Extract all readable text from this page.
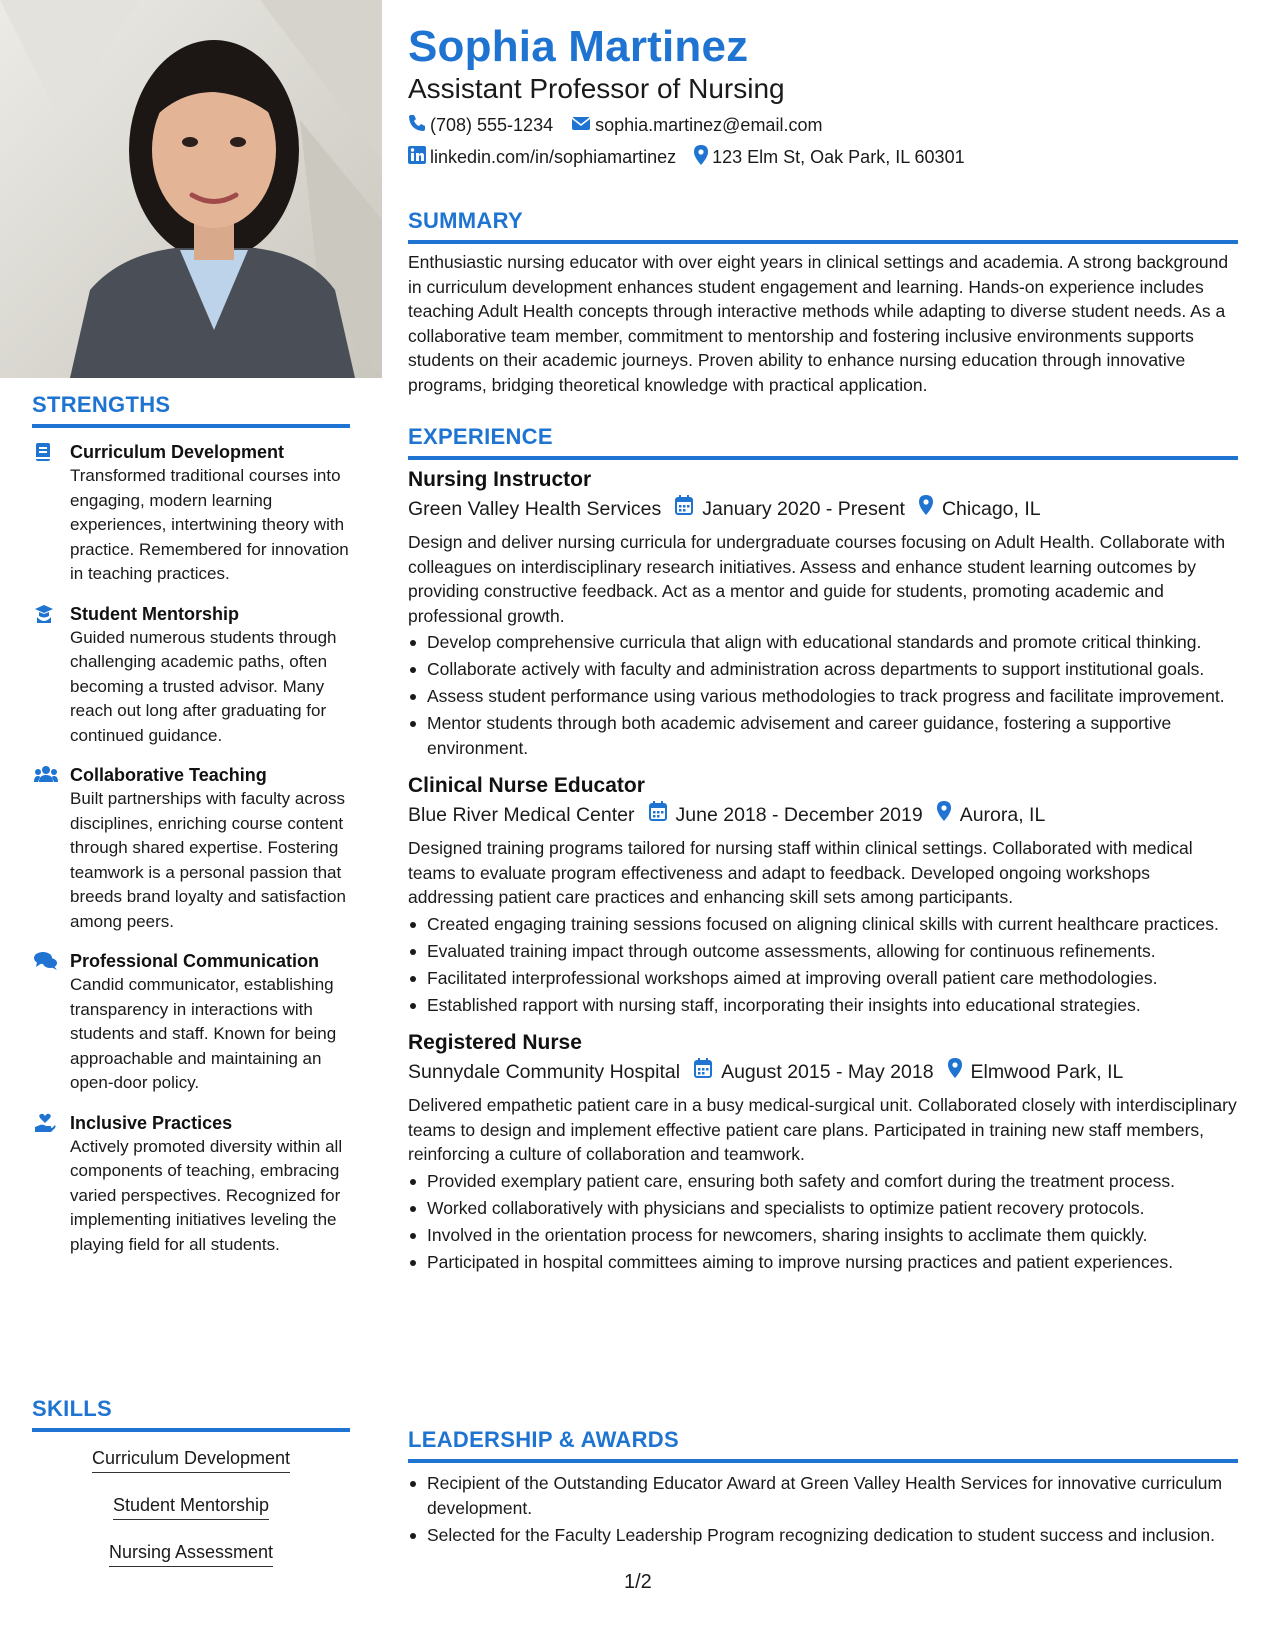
STRENGTHS
Curriculum Development
Transformed traditional courses into engaging, modern learning experiences, intertwining theory with practice. Remembered for innovation in teaching practices.
Student Mentorship
Guided numerous students through challenging academic paths, often becoming a trusted advisor. Many reach out long after graduating for continued guidance.
Collaborative Teaching
Built partnerships with faculty across disciplines, enriching course content through shared expertise. Fostering teamwork is a personal passion that breeds brand loyalty and satisfaction among peers.
Professional Communication
Candid communicator, establishing transparency in interactions with students and staff. Known for being approachable and maintaining an open-door policy.
Inclusive Practices
Actively promoted diversity within all components of teaching, embracing varied perspectives. Recognized for implementing initiatives leveling the playing field for all students.
SKILLS
Curriculum Development
Student Mentorship
Nursing Assessment
Sophia Martinez
Assistant Professor of Nursing
(708) 555-1234 sophia.martinez@email.com
linkedin.com/in/sophiamartinez 123 Elm St, Oak Park, IL 60301
SUMMARY
Enthusiastic nursing educator with over eight years in clinical settings and academia. A strong background in curriculum development enhances student engagement and learning. Hands-on experience includes teaching Adult Health concepts through interactive methods while adapting to diverse student needs. As a collaborative team member, commitment to mentorship and fostering inclusive environments supports students on their academic journeys. Proven ability to enhance nursing education through innovative programs, bridging theoretical knowledge with practical application.
EXPERIENCE
Nursing Instructor
Green Valley Health Services January 2020 - Present Chicago, IL
Design and deliver nursing curricula for undergraduate courses focusing on Adult Health. Collaborate with colleagues on interdisciplinary research initiatives. Assess and enhance student learning outcomes by providing constructive feedback. Act as a mentor and guide for students, promoting academic and professional growth.
Develop comprehensive curricula that align with educational standards and promote critical thinking.
Collaborate actively with faculty and administration across departments to support institutional goals.
Assess student performance using various methodologies to track progress and facilitate improvement.
Mentor students through both academic advisement and career guidance, fostering a supportive environment.
Clinical Nurse Educator
Blue River Medical Center June 2018 - December 2019 Aurora, IL
Designed training programs tailored for nursing staff within clinical settings. Collaborated with medical teams to evaluate program effectiveness and adapt to feedback. Developed ongoing workshops addressing patient care practices and enhancing skill sets among participants.
Created engaging training sessions focused on aligning clinical skills with current healthcare practices.
Evaluated training impact through outcome assessments, allowing for continuous refinements.
Facilitated interprofessional workshops aimed at improving overall patient care methodologies.
Established rapport with nursing staff, incorporating their insights into educational strategies.
Registered Nurse
Sunnydale Community Hospital August 2015 - May 2018 Elmwood Park, IL
Delivered empathetic patient care in a busy medical-surgical unit. Collaborated closely with interdisciplinary teams to design and implement effective patient care plans. Participated in training new staff members, reinforcing a culture of collaboration and teamwork.
Provided exemplary patient care, ensuring both safety and comfort during the treatment process.
Worked collaboratively with physicians and specialists to optimize patient recovery protocols.
Involved in the orientation process for newcomers, sharing insights to acclimate them quickly.
Participated in hospital committees aiming to improve nursing practices and patient experiences.
LEADERSHIP & AWARDS
Recipient of the Outstanding Educator Award at Green Valley Health Services for innovative curriculum development.
Selected for the Faculty Leadership Program recognizing dedication to student success and inclusion.
1/2
